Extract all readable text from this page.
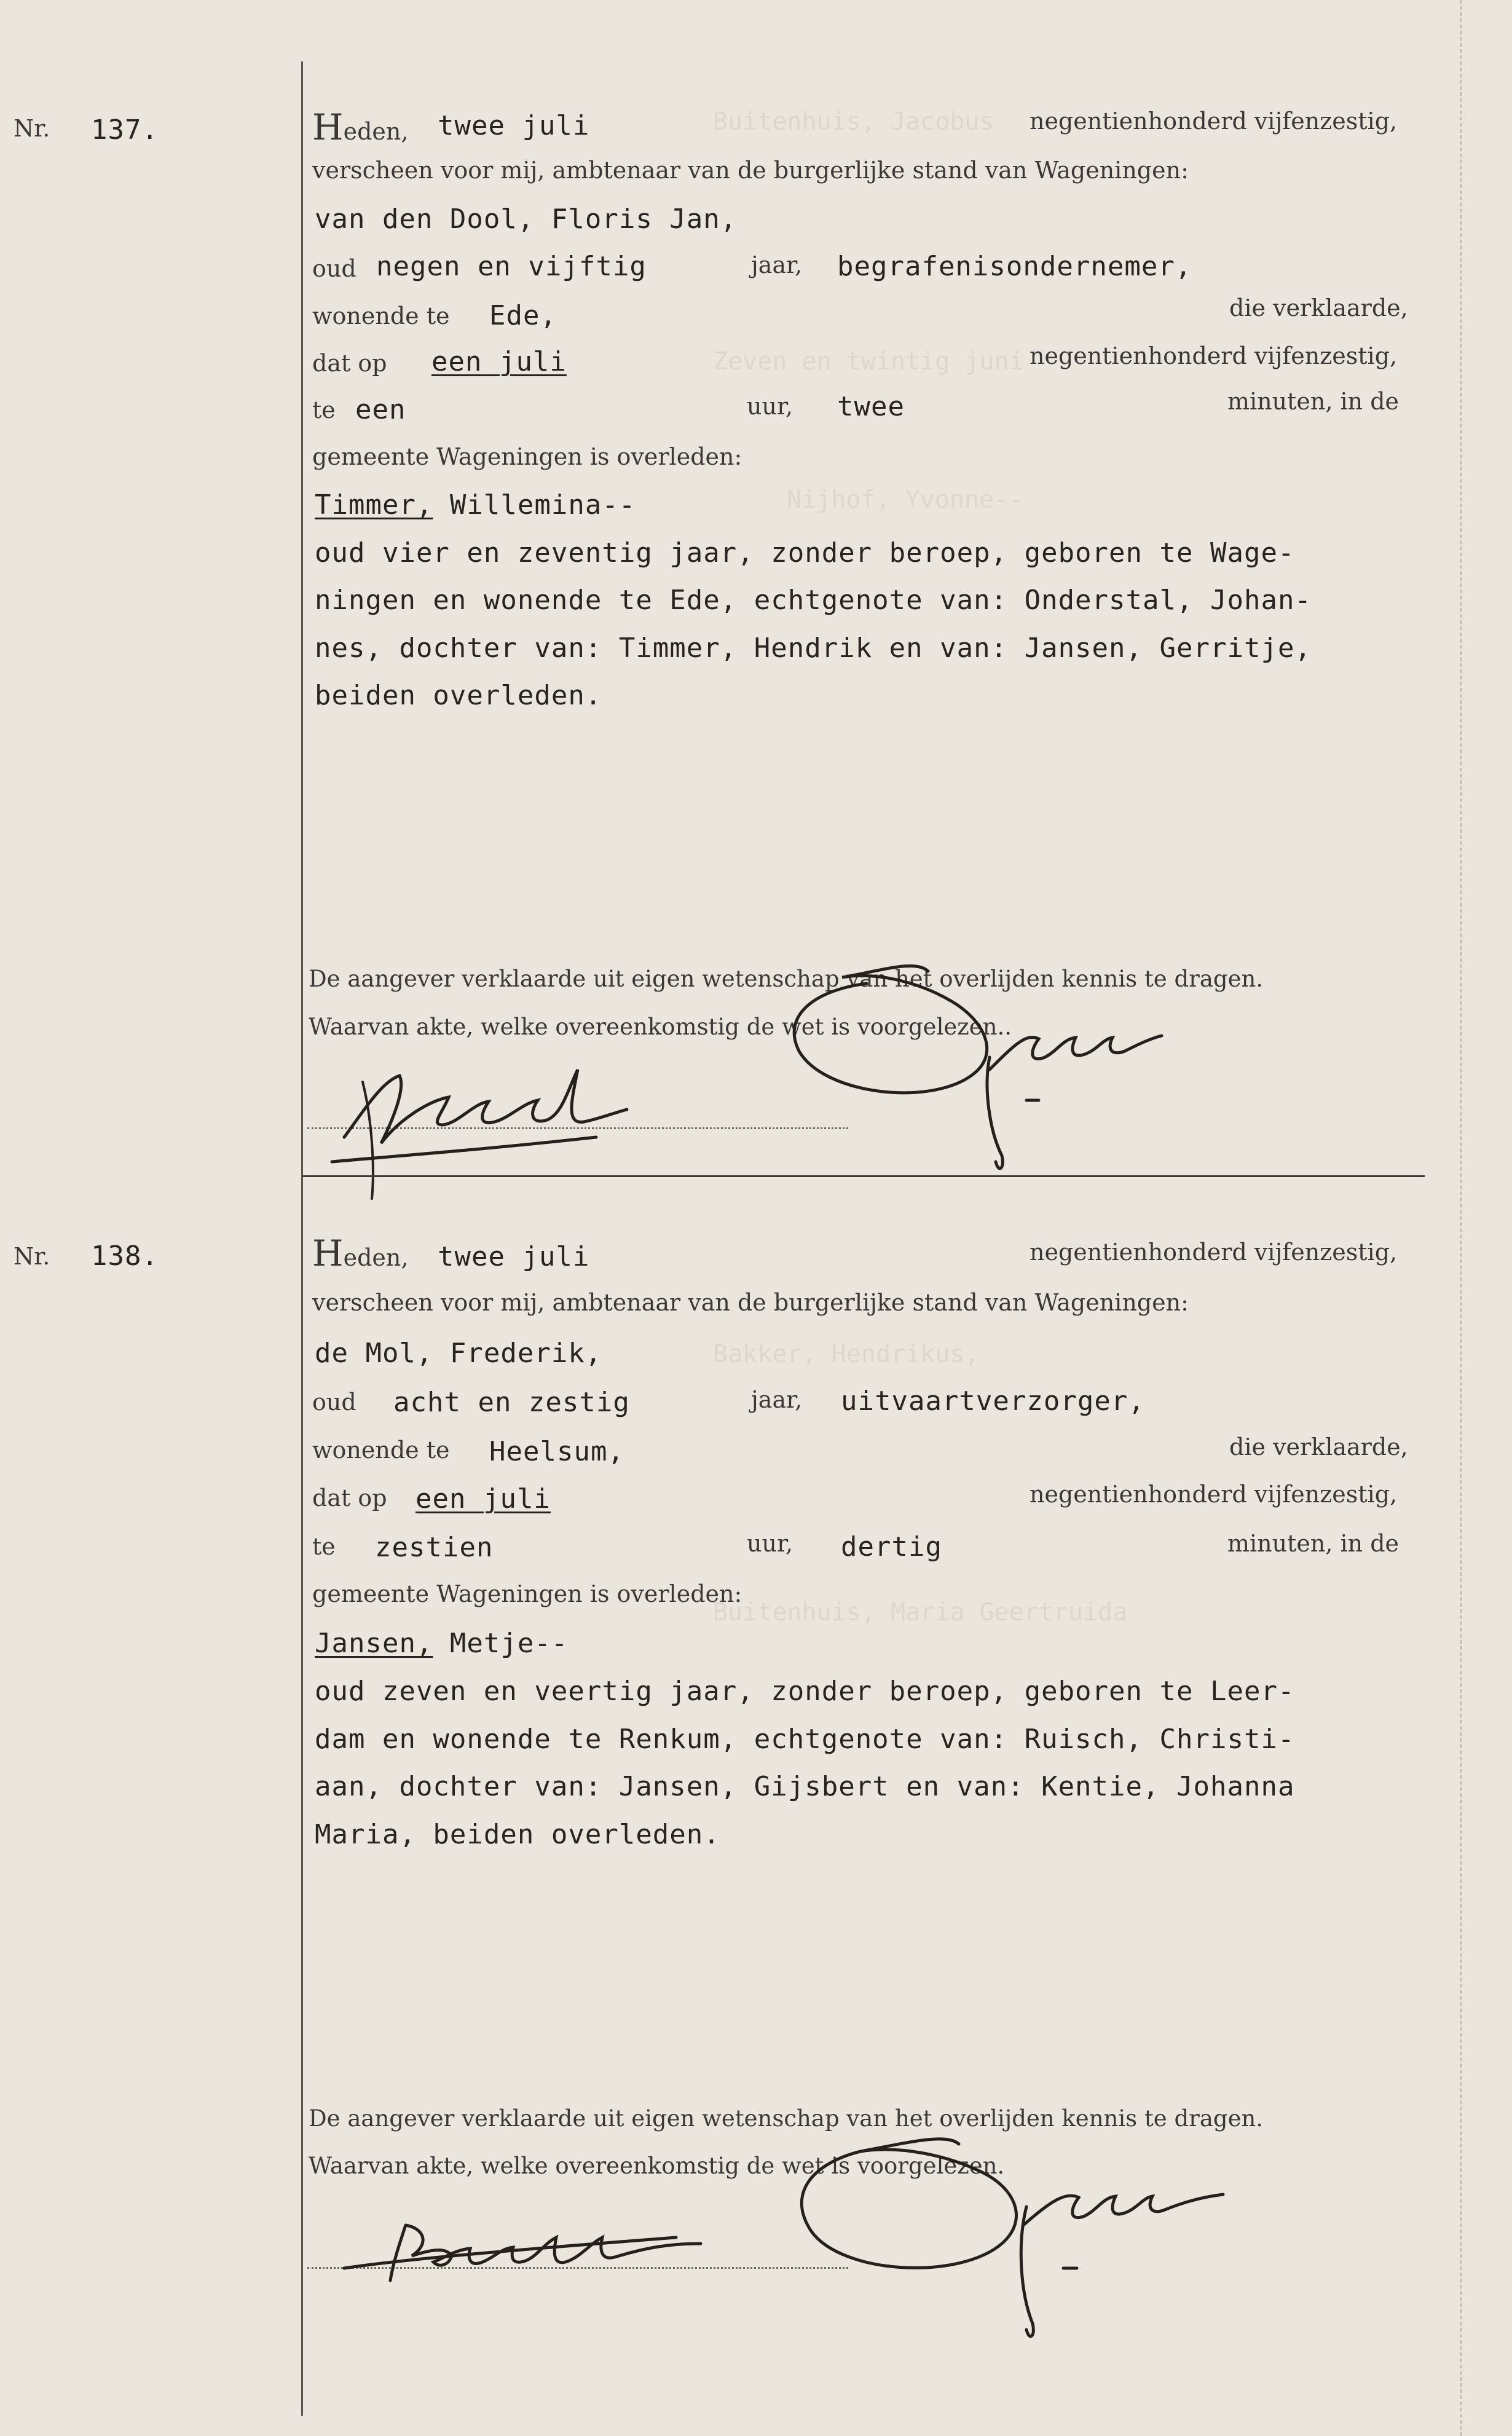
Buitenhuis, Jacobus
Zeven en twintig juni
Nijhof, Yvonne--
Bakker, Hendrikus,
Buitenhuis, Maria Geertruida
Nr. 137.	Heden, twee juli	negentienhonderd vijfenzestig,
verscheen voor mij, ambtenaar van de burgerlijke stand van Wageningen:
van den Dool, Floris Jan,
oud negen en vijftig	jaar, begrafenisondernemer,
wonende te Ede,	die verklaarde,
dat op een juli	negentienhonderd vijfenzestig,
te een	uur, twee	minuten, in de
gemeente Wageningen is overleden:
Timmer, Willemina--
oud vier en zeventig jaar, zonder beroep, geboren te Wage-
ningen en wonende te Ede, echtgenote van: Onderstal, Johan-
nes, dochter van: Timmer, Hendrik en van: Jansen, Gerritje,
beiden overleden.
De aangever verklaarde uit eigen wetenschap van het overlijden kennis te dragen.
Waarvan akte, welke overeenkomstig de wet is voorgelezen..
Nr. 138.	Heden, twee juli	negentienhonderd vijfenzestig,
verscheen voor mij, ambtenaar van de burgerlijke stand van Wageningen:
de Mol, Frederik,
oud acht en zestig	jaar, uitvaartverzorger,
wonende te Heelsum,	die verklaarde,
dat op een juli	negentienhonderd vijfenzestig,
te zestien	uur, dertig	minuten, in de
gemeente Wageningen is overleden:
Jansen, Metje--
oud zeven en veertig jaar, zonder beroep, geboren te Leer-
dam en wonende te Renkum, echtgenote van: Ruisch, Christi-
aan, dochter van: Jansen, Gijsbert en van: Kentie, Johanna
Maria, beiden overleden.
De aangever verklaarde uit eigen wetenschap van het overlijden kennis te dragen.
Waarvan akte, welke overeenkomstig de wet is voorgelezen.
